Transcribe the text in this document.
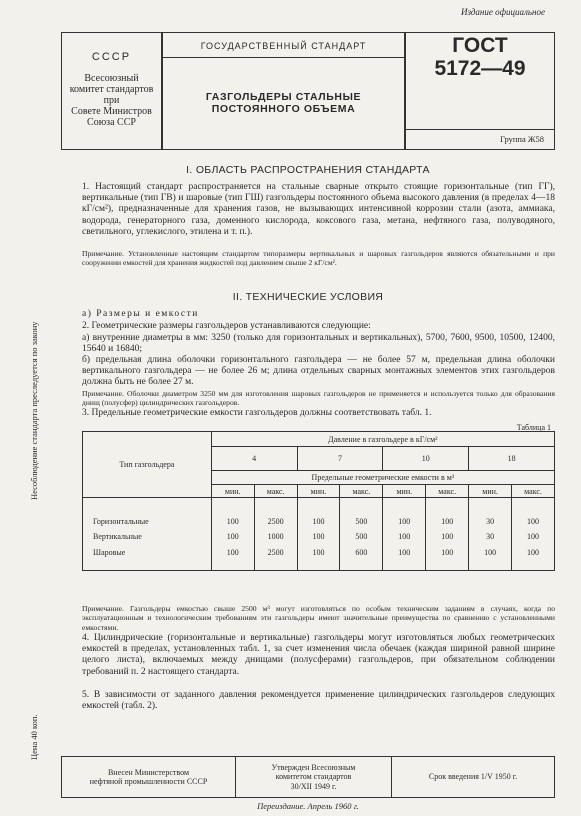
Издание официальное
СССР
Всесоюзный
комитет стандартов
при
Совете Министров
Союза ССР
ГОСУДАРСТВЕННЫЙ СТАНДАРТ
ГАЗГОЛЬДЕРЫ СТАЛЬНЫЕ
ПОСТОЯННОГО ОБЪЕМА
ГОСТ
5172—49
Группа Ж58
Несоблюдение стандарта преследуется по закону
Цена 40 коп.
I. ОБЛАСТЬ РАСПРОСТРАНЕНИЯ СТАНДАРТА
1. Настоящий стандарт распространяется на стальные сварные открыто стоящие горизонтальные (тип ГГ), вертикальные (тип ГВ) и шаровые (тип ГШ) газгольдеры постоянного объема высокого давления (в пределах 4—18 кГ/см²), предназначенные для хранения газов, не вызывающих интенсивной коррозии стали (азота, аммиака, водорода, генераторного газа, доменного кислорода, коксового газа, метана, нефтяного газа, полуводяного, светильного, углекислого, этилена и т. п.).
Примечание. Установленные настоящим стандартом типоразмеры вертикальных и шаровых газгольдеров являются обязательными и при сооружении емкостей для хранения жидкостей под давлением свыше 2 кГ/см².
II. ТЕХНИЧЕСКИЕ УСЛОВИЯ
а) Размеры и емкости
2. Геометрические размеры газгольдеров устанавливаются следующие:
а) внутренние диаметры в мм: 3250 (только для горизонтальных и вертикальных), 5700, 7600, 9500, 10500, 12400, 15640 и 16840;
б) предельная длина оболочки горизонтального газгольдера — не более 57 м, предельная длина оболочки вертикального газгольдера — не более 26 м; длина отдельных сварных монтажных элементов этих газгольдеров должна быть не более 27 м.
Примечание. Оболочки диаметром 3250 мм для изготовления шаровых газгольдеров не применяется и используется только для образования днищ (полусфер) цилиндрических газгольдеров.
3. Предельные геометрические емкости газгольдеров должны соответствовать табл. 1.
Таблица 1
Тип газгольдера	Давление в газгольдере в кГ/см²							
	4		7		10		18	
	Предельные геометрические емкости в м³							
	мин.	макс.	мин.	макс.	мин.	макс.	мин.	макс.
Горизонтальные	100	2500	100	500	100	100	30	100
Вертикальные	100	1000	100	500	100	100	30	100
Шаровые	100	2500	100	600	100	100	100	100
Примечание. Газгольдеры емкостью свыше 2500 м³ могут изготовляться по особым техническим заданиям в случаях, когда по эксплуатационным и технологическим требованиям эти газгольдеры имеют значительные преимущества по сравнению с установленными емкостями.
4. Цилиндрические (горизонтальные и вертикальные) газгольдеры могут изготовляться любых геометрических емкостей в пределах, установленных табл. 1, за счет изменения числа обечаек (каждая шириной равной ширине целого листа), включаемых между днищами (полусферами) газгольдеров, при обязательном соблюдении требований п. 2 настоящего стандарта.
5. В зависимости от заданного давления рекомендуется применение цилиндрических газгольдеров следующих емкостей (табл. 2).
Внесен Министерством
нефтяной промышленности СССР
Утвержден Всесоюзным
комитетом стандартов
30/XII 1949 г.
Срок введения 1/V 1950 г.
Переиздание. Апрель 1960 г.
